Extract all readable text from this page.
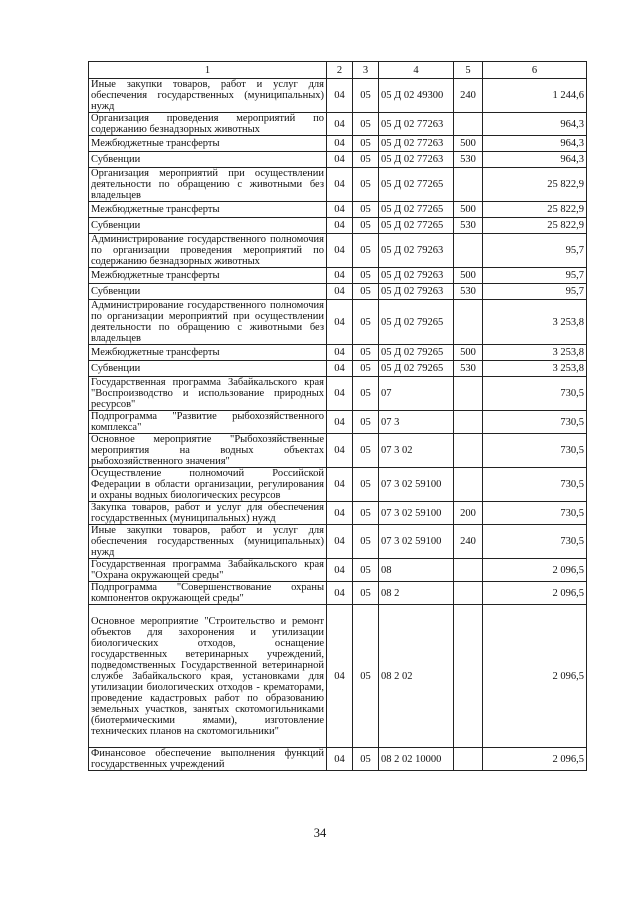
1	2	3	4	5	6
Иные закупки товаров, работ и услуг для обеспечения государственных (муниципальных) нужд	04	05	05 Д 02 49300	240	1 244,6
Организация проведения мероприятий по содержанию безнадзорных животных	04	05	05 Д 02 77263		964,3
Межбюджетные трансферты	04	05	05 Д 02 77263	500	964,3
Субвенции	04	05	05 Д 02 77263	530	964,3
Организация мероприятий при осуществлении деятельности по обращению с животными без владельцев	04	05	05 Д 02 77265		25 822,9
Межбюджетные трансферты	04	05	05 Д 02 77265	500	25 822,9
Субвенции	04	05	05 Д 02 77265	530	25 822,9
Администрирование государственного полномочия по организации проведения мероприятий по содержанию безнадзорных животных	04	05	05 Д 02 79263		95,7
Межбюджетные трансферты	04	05	05 Д 02 79263	500	95,7
Субвенции	04	05	05 Д 02 79263	530	95,7
Администрирование государственного полномочия по организации мероприятий при осуществлении деятельности по обращению с животными без владельцев	04	05	05 Д 02 79265		3 253,8
Межбюджетные трансферты	04	05	05 Д 02 79265	500	3 253,8
Субвенции	04	05	05 Д 02 79265	530	3 253,8
Государственная программа Забайкальского края "Воспроизводство и использование природных ресурсов"	04	05	07		730,5
Подпрограмма "Развитие рыбохозяйственного комплекса"	04	05	07 3		730,5
Основное мероприятие "Рыбохозяйственные мероприятия на водных объектах рыбохозяйственного значения"	04	05	07 3 02		730,5
Осуществление полномочий Российской Федерации в области организации, регулирования и охраны водных биологических ресурсов	04	05	07 3 02 59100		730,5
Закупка товаров, работ и услуг для обеспечения государственных (муниципальных) нужд	04	05	07 3 02 59100	200	730,5
Иные закупки товаров, работ и услуг для обеспечения государственных (муниципальных) нужд	04	05	07 3 02 59100	240	730,5
Государственная программа Забайкальского края "Охрана окружающей среды"	04	05	08		2 096,5
Подпрограмма "Совершенствование охраны компонентов окружающей среды"	04	05	08 2		2 096,5
Основное мероприятие "Строительство и ремонт объектов для захоронения и утилизации биологических отходов, оснащение государственных ветеринарных учреждений, подведомственных Государственной ветеринарной службе Забайкальского края, установками для утилизации биологических отходов - крематорами, проведение кадастровых работ по образованию земельных участков, занятых скотомогильниками (биотермическими ямами), изготовление технических планов на скотомогильники"	04	05	08 2 02		2 096,5
Финансовое обеспечение выполнения функций государственных учреждений	04	05	08 2 02 10000		2 096,5
34
